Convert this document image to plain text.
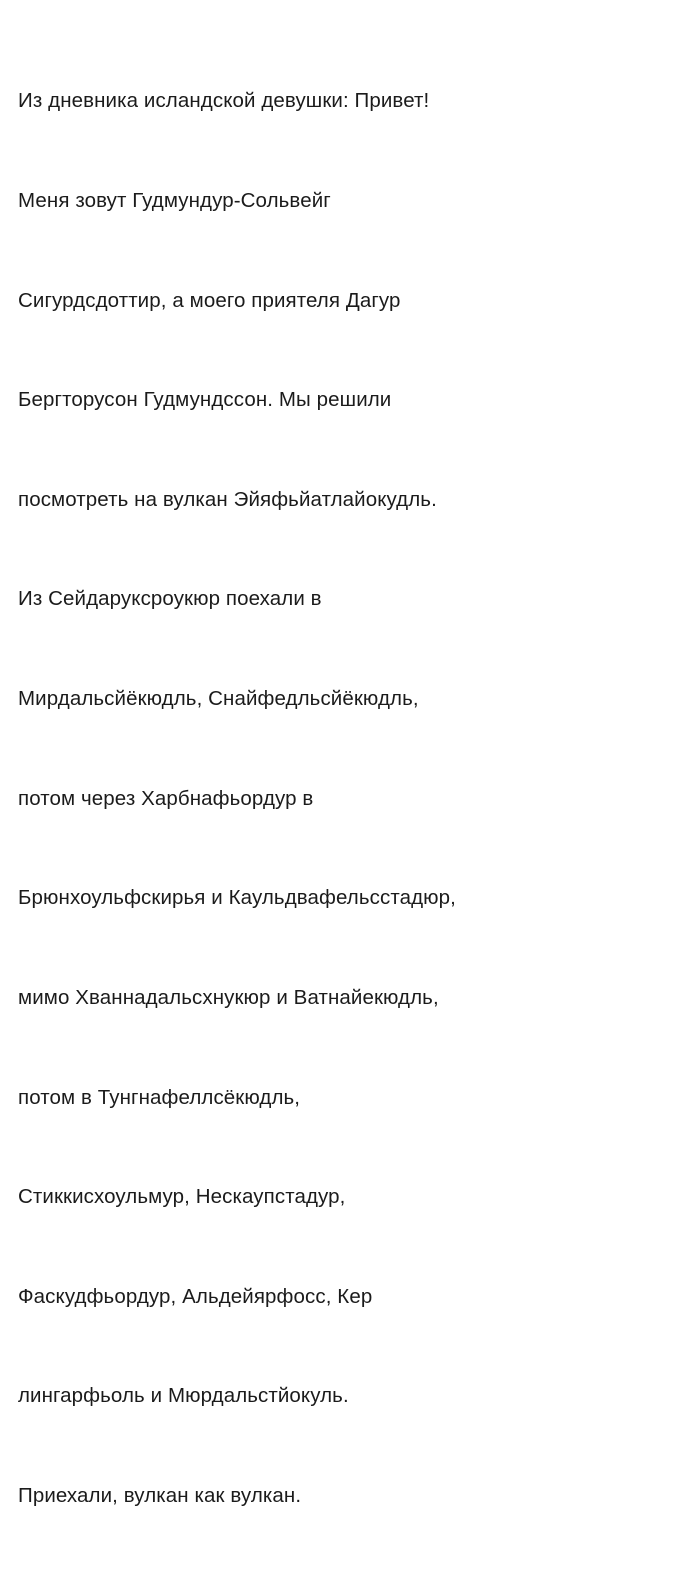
Из дневника исландской девушки: Привет!

Меня зовут Гудмундур-Сольвейг

Сигурдсдоттир, а моего приятеля Дагур

Бергторусон Гудмундссон. Мы решили

посмотреть на вулкан Эйяфьйатлайокудль.

Из Сейдаруксроукюр поехали в

Мирдальсйёкюдль, Снайфедльсйёкюдль,

потом через Харбнафьордур в

Брюнхоульфскирья и Каульдвафельсстадюр,

мимо Хваннадальсхнукюр и Ватнайекюдль,

потом в Тунгнафеллсёкюдль,

Стиккисхоульмур, Нескаупстадур,

Фаскудфьордур, Альдейярфосс, Кер

лингарфьоль и Мюрдальстйокуль.

Приехали, вулкан как вулкан.
